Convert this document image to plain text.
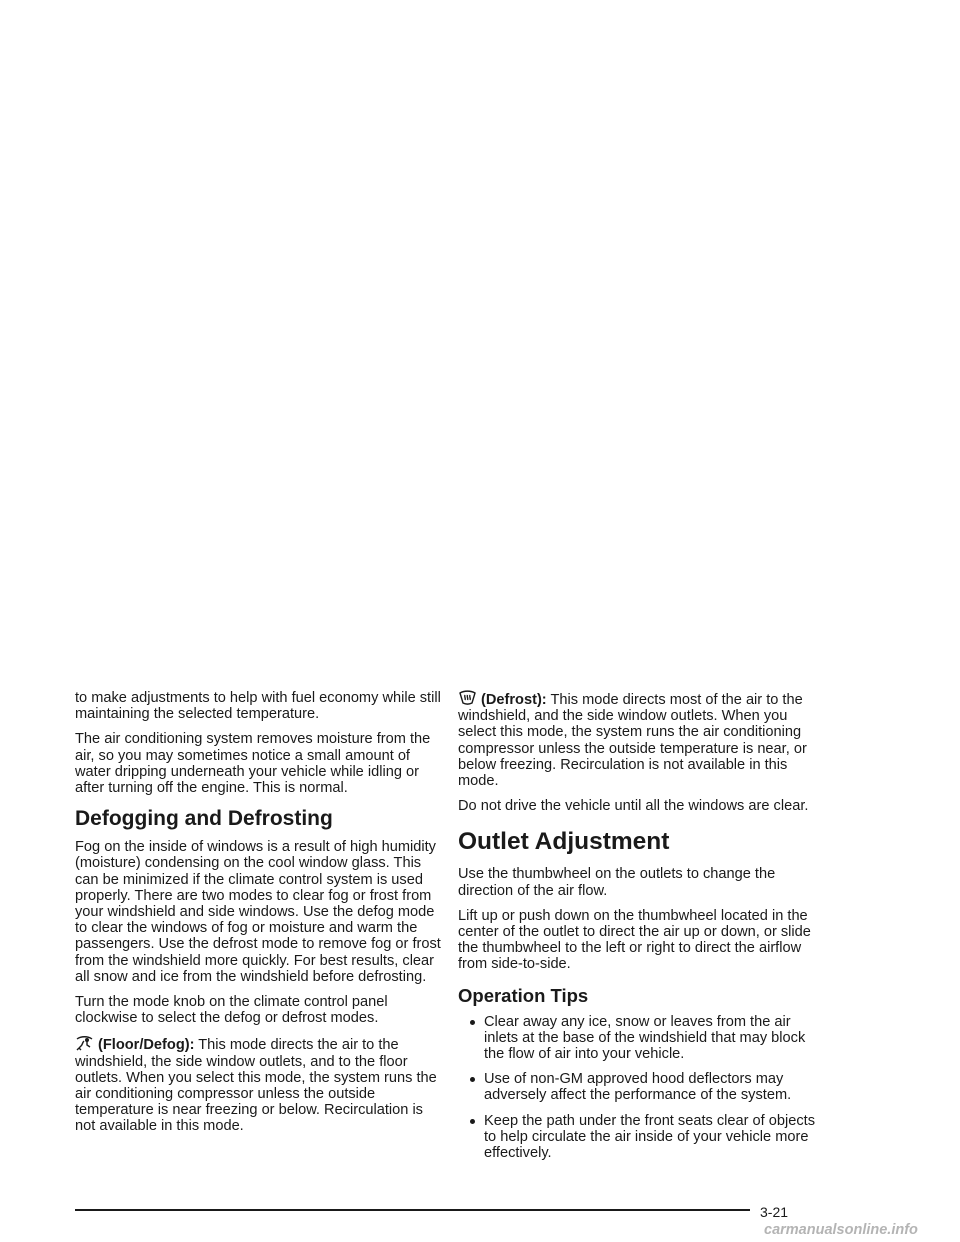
to make adjustments to help with fuel economy while still maintaining the selected temperature.

The air conditioning system removes moisture from the air, so you may sometimes notice a small amount of water dripping underneath your vehicle while idling or after turning off the engine. This is normal.

Defogging and Defrosting

Fog on the inside of windows is a result of high humidity (moisture) condensing on the cool window glass. This can be minimized if the climate control system is used properly. There are two modes to clear fog or frost from your windshield and side windows. Use the defog mode to clear the windows of fog or moisture and warm the passengers. Use the defrost mode to remove fog or frost from the windshield more quickly. For best results, clear all snow and ice from the windshield before defrosting.

Turn the mode knob on the climate control panel clockwise to select the defog or defrost modes.

(Floor/Defog): This mode directs the air to the windshield, the side window outlets, and to the floor outlets. When you select this mode, the system runs the air conditioning compressor unless the outside temperature is near freezing or below. Recirculation is not available in this mode.

(Defrost): This mode directs most of the air to the windshield, and the side window outlets. When you select this mode, the system runs the air conditioning compressor unless the outside temperature is near, or below freezing. Recirculation is not available in this mode.

Do not drive the vehicle until all the windows are clear.

Outlet Adjustment

Use the thumbwheel on the outlets to change the direction of the air flow.

Lift up or push down on the thumbwheel located in the center of the outlet to direct the air up or down, or slide the thumbwheel to the left or right to direct the airflow from side-to-side.

Operation Tips
Clear away any ice, snow or leaves from the air inlets at the base of the windshield that may block the flow of air into your vehicle.
Use of non-GM approved hood deflectors may adversely affect the performance of the system.
Keep the path under the front seats clear of objects to help circulate the air inside of your vehicle more effectively.
3-21
carmanualsonline.info
